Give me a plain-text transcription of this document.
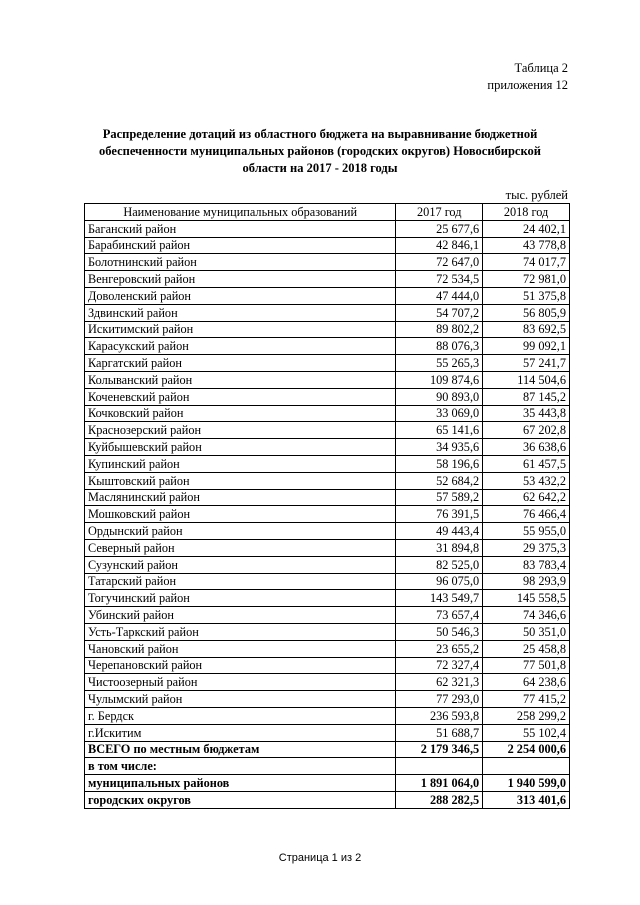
Таблица 2
приложения 12
Распределение дотаций из областного бюджета на выравнивание бюджетной
обеспеченности муниципальных районов (городских округов) Новосибирской
области на 2017 - 2018 годы
тыс. рублей
Наименование муниципальных образований	2017 год	2018 год
Баганский район	25 677,6	24 402,1
Барабинский район	42 846,1	43 778,8
Болотнинский район	72 647,0	74 017,7
Венгеровский район	72 534,5	72 981,0
Доволенский район	47 444,0	51 375,8
Здвинский район	54 707,2	56 805,9
Искитимский район	89 802,2	83 692,5
Карасукский район	88 076,3	99 092,1
Каргатский район	55 265,3	57 241,7
Колыванский район	109 874,6	114 504,6
Коченевский район	90 893,0	87 145,2
Кочковский район	33 069,0	35 443,8
Краснозерский район	65 141,6	67 202,8
Куйбышевский район	34 935,6	36 638,6
Купинский район	58 196,6	61 457,5
Кыштовский район	52 684,2	53 432,2
Маслянинский район	57 589,2	62 642,2
Мошковский район	76 391,5	76 466,4
Ордынский район	49 443,4	55 955,0
Северный район	31 894,8	29 375,3
Сузунский район	82 525,0	83 783,4
Татарский район	96 075,0	98 293,9
Тогучинский район	143 549,7	145 558,5
Убинский район	73 657,4	74 346,6
Усть-Таркский район	50 546,3	50 351,0
Чановский район	23 655,2	25 458,8
Черепановский район	72 327,4	77 501,8
Чистоозерный район	62 321,3	64 238,6
Чулымский район	77 293,0	77 415,2
г. Бердск	236 593,8	258 299,2
г.Искитим	51 688,7	55 102,4
ВСЕГО по местным бюджетам	2 179 346,5	2 254 000,6
в том числе:		
муниципальных районов	1 891 064,0	1 940 599,0
городских округов	288 282,5	313 401,6
Страница 1 из 2
